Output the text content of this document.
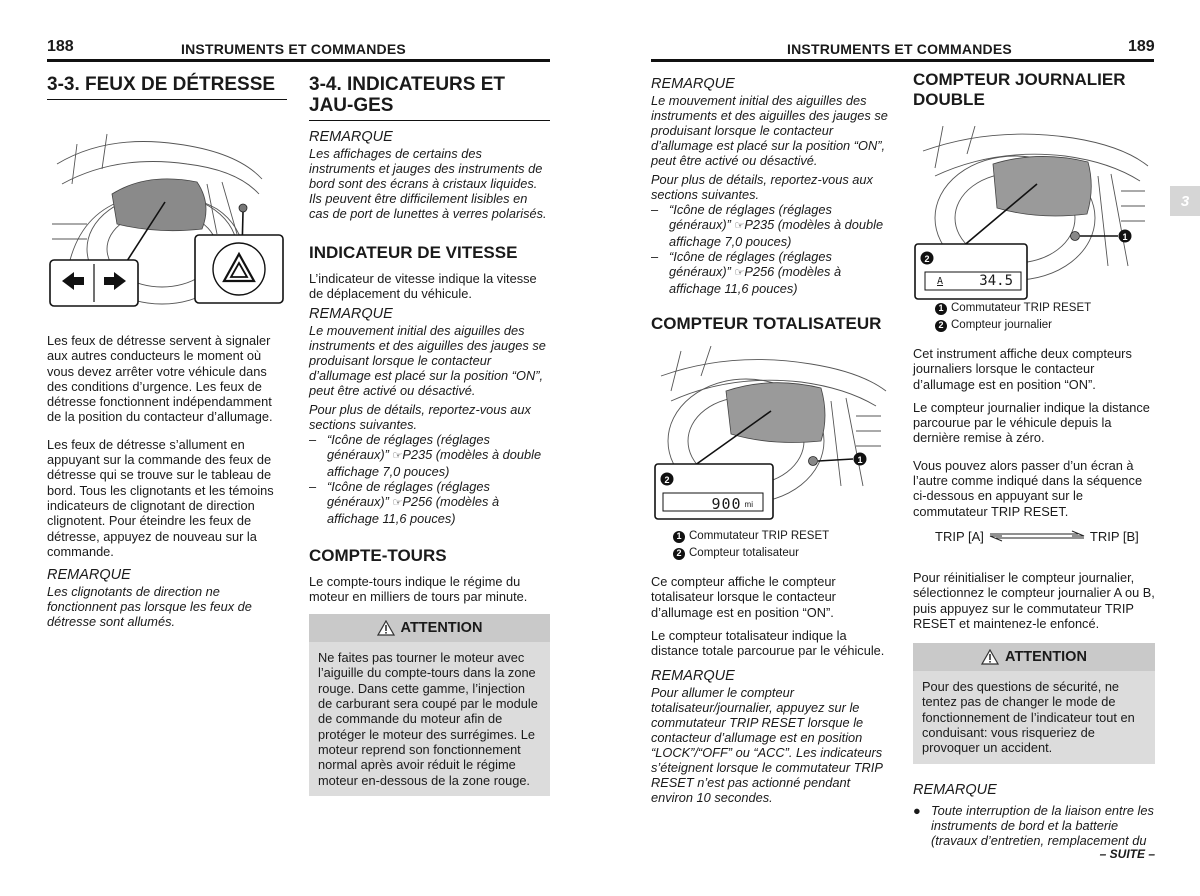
188	INSTRUMENTS ET COMMANDES	INSTRUMENTS ET COMMANDES	189
3
3-3. FEUX DE DÉTRESSE
Les feux de détresse servent à signaler aux autres conducteurs le moment où vous devez arrêter votre véhicule dans des conditions d’urgence. Les feux de détresse fonctionnent indépendamment de la position du contacteur d’allumage.
Les feux de détresse s’allument en appuyant sur la commande des feux de détresse qui se trouve sur le tableau de bord. Tous les clignotants et les témoins indicateurs de clignotant de direction clignotent. Pour éteindre les feux de détresse, appuyez de nouveau sur la commande.
REMARQUE
Les clignotants de direction ne fonctionnent pas lorsque les feux de détresse sont allumés.
3-4. INDICATEURS ET JAU-GES
REMARQUE
Les affichages de certains des instruments et jauges des instruments de bord sont des écrans à cristaux liquides. Ils peuvent être difficilement lisibles en cas de port de lunettes à verres polarisés.
INDICATEUR DE VITESSE
L’indicateur de vitesse indique la vitesse de déplacement du véhicule.
REMARQUE
Le mouvement initial des aiguilles des instruments et des aiguilles des jauges se produisant lorsque le contacteur d’allumage est placé sur la position “ON”, peut être activé ou désactivé.
Pour plus de détails, reportez-vous aux sections suivantes.
– “Icône de réglages (réglages généraux)” ☞P235 (modèles à double affichage 7,0 pouces)
– “Icône de réglages (réglages généraux)” ☞P256 (modèles à affichage 11,6 pouces)
COMPTE-TOURS
Le compte-tours indique le régime du moteur en milliers de tours par minute.
ATTENTION
Ne faites pas tourner le moteur avec l’aiguille du compte-tours dans la zone rouge. Dans cette gamme, l’injection de carburant sera coupé par le module de commande du moteur afin de protéger le moteur des surrégimes. Le moteur reprend son fonctionnement normal après avoir réduit le régime moteur en-dessous de la zone rouge.
REMARQUE
Le mouvement initial des aiguilles des instruments et des aiguilles des jauges se produisant lorsque le contacteur d’allumage est placé sur la position “ON”, peut être activé ou désactivé.
Pour plus de détails, reportez-vous aux sections suivantes.
– “Icône de réglages (réglages généraux)” ☞P235 (modèles à double affichage 7,0 pouces)
– “Icône de réglages (réglages généraux)” ☞P256 (modèles à affichage 11,6 pouces)
COMPTEUR TOTALISATEUR
1
2
900 mi
1 Commutateur TRIP RESET
2 Compteur totalisateur
Ce compteur affiche le compteur totalisateur lorsque le contacteur d’allumage est en position “ON”.
Le compteur totalisateur indique la distance totale parcourue par le véhicule.
REMARQUE
Pour allumer le compteur totalisateur/journalier, appuyez sur le commutateur TRIP RESET lorsque le contacteur d’allumage est en position “LOCK”/“OFF” ou “ACC”. Les indicateurs s’éteignent lorsque le commutateur TRIP RESET n’est pas actionné pendant environ 10 secondes.
COMPTEUR JOURNALIER DOUBLE
1
2
A	34.5
1 Commutateur TRIP RESET
2 Compteur journalier
Cet instrument affiche deux compteurs journaliers lorsque le contacteur d’allumage est en position “ON”.
Le compteur journalier indique la distance parcourue par le véhicule depuis la dernière remise à zéro.
Vous pouvez alors passer d’un écran à l’autre comme indiqué dans la séquence ci-dessous en appuyant sur le commutateur TRIP RESET.
TRIP [A]	TRIP [B]
Pour réinitialiser le compteur journalier, sélectionnez le compteur journalier A ou B, puis appuyez sur le commutateur TRIP RESET et maintenez-le enfoncé.
ATTENTION
Pour des questions de sécurité, ne tentez pas de changer le mode de fonctionnement de l’indicateur tout en conduisant: vous risqueriez de provoquer un accident.
REMARQUE
● Toute interruption de la liaison entre les instruments de bord et la batterie (travaux d’entretien, remplacement du
– SUITE –
